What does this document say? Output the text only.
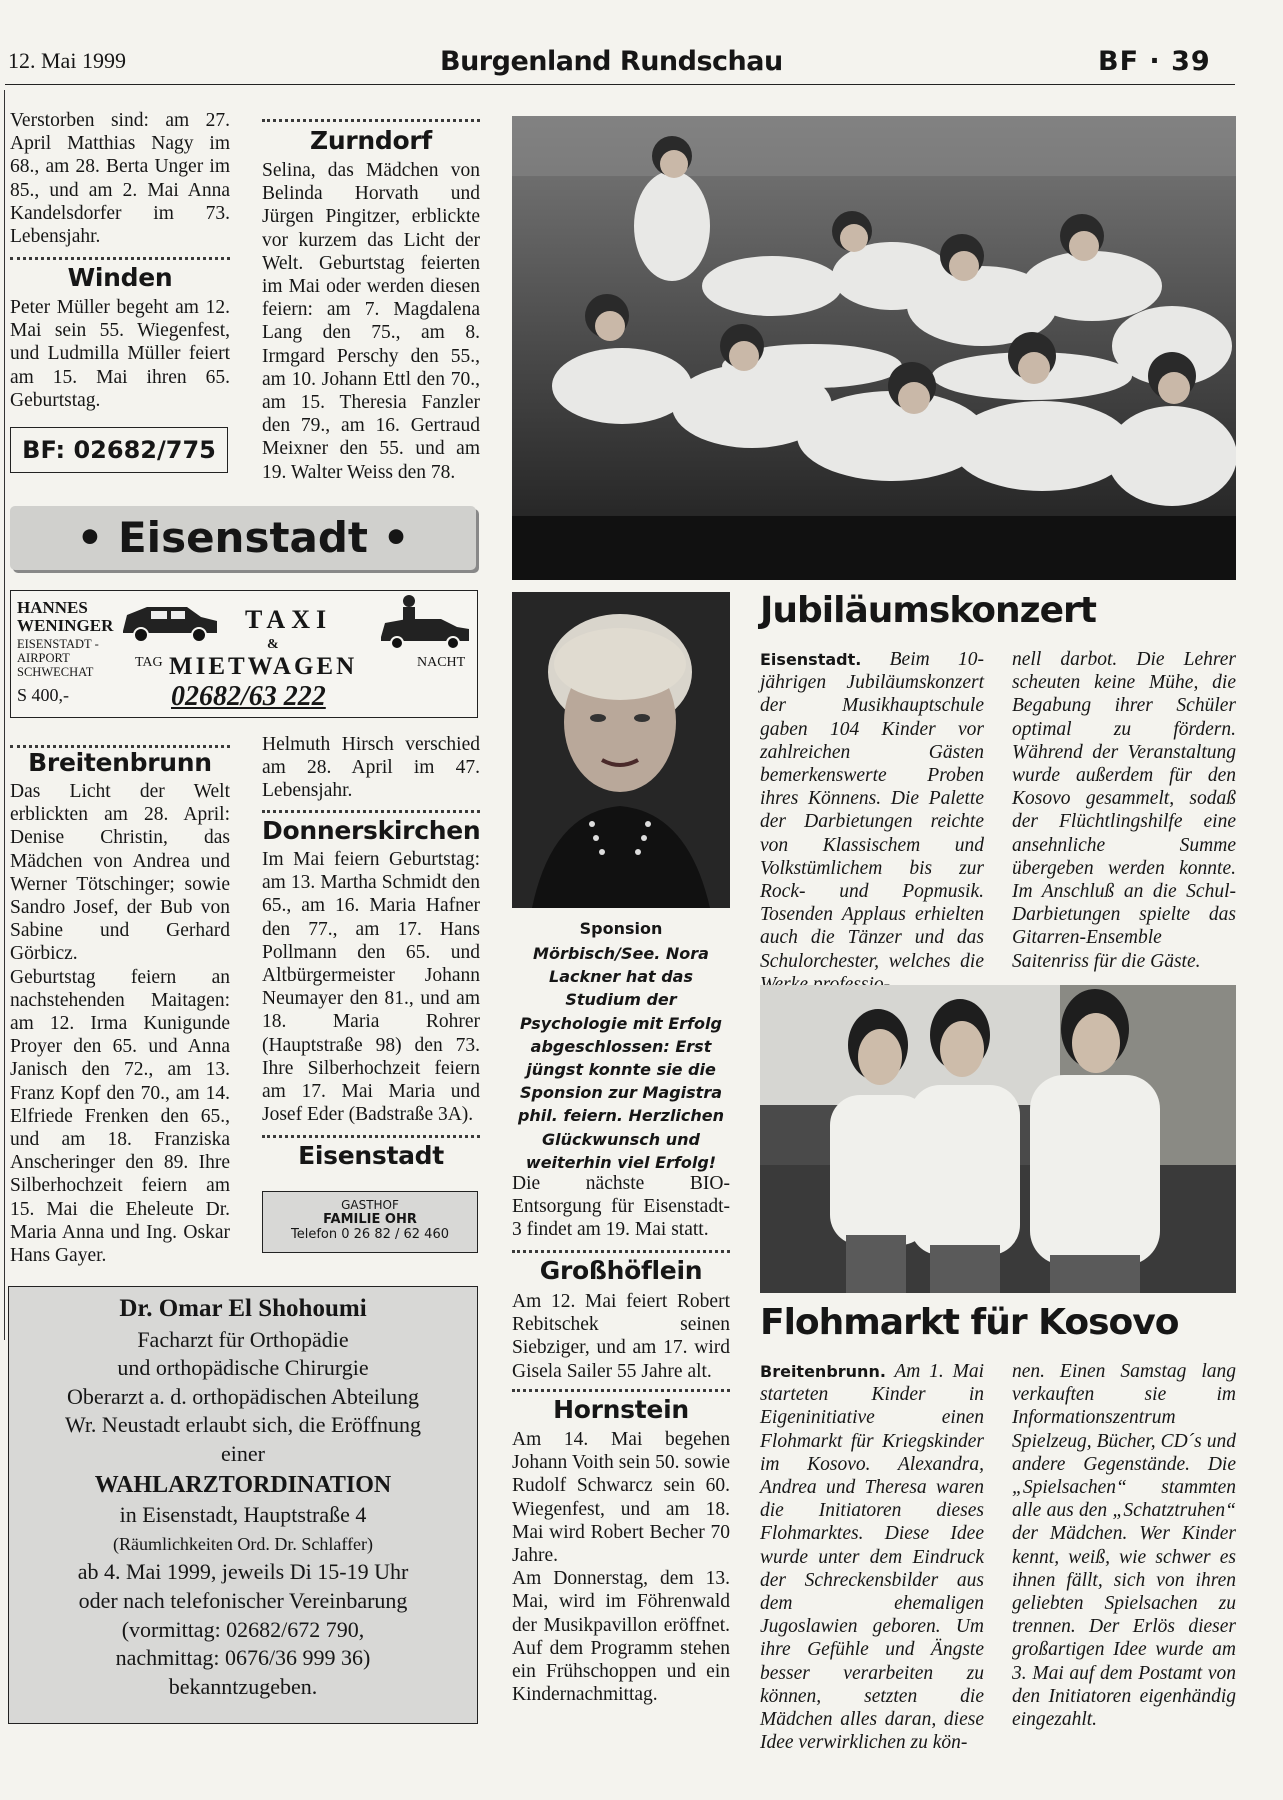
12. Mai 1999	Burgenland Rundschau	BF · 39
Verstorben sind: am 27. April Matthias Nagy im 68., am 28. Berta Unger im 85., und am 2. Mai Anna Kandelsdorfer im 73. Lebensjahr.
Winden
Peter Müller begeht am 12. Mai sein 55. Wiegenfest, und Ludmilla Müller feiert am 15. Mai ihren 65. Geburtstag.
BF: 02682/775
Zurndorf
Selina, das Mädchen von Belinda Horvath und Jürgen Pingitzer, erblickte vor kurzem das Licht der Welt. Geburtstag feierten im Mai oder werden diesen feiern: am 7. Magdalena Lang den 75., am 8. Irmgard Perschy den 55., am 10. Johann Ettl den 70., am 15. Theresia Fanzler den 79., am 16. Gertraud Meixner den 55. und am 19. Walter Weiss den 78.
• Eisenstadt •
HANNES
WENINGER
EISENSTADT -
AIRPORT
SCHWECHAT
S 400,-
TAXI
&
TAG MIETWAGEN	NACHT
02682/63 222
Breitenbrunn

Das Licht der Welt erblickten am 28. April: Denise Christin, das Mädchen von Andrea und Werner Tötschinger; sowie Sandro Josef, der Bub von Sabine und Gerhard Görbicz.

Geburtstag feiern an nachstehenden Maitagen: am 12. Irma Kunigunde Proyer den 65. und Anna Janisch den 72., am 13. Franz Kopf den 70., am 14. Elfriede Frenken den 65., und am 18. Franziska Anscheringer den 89. Ihre Silberhochzeit feiern am 15. Mai die Eheleute Dr. Maria Anna und Ing. Oskar Hans Gayer.

Helmuth Hirsch verschied am 28. April im 47. Lebensjahr.
Donnerskirchen
Im Mai feiern Geburtstag: am 13. Martha Schmidt den 65., am 16. Maria Hafner den 77., am 17. Hans Pollmann den 65. und Altbürgermeister Johann Neumayer den 81., und am 18. Maria Rohrer (Hauptstraße 98) den 73. Ihre Silberhochzeit feiern am 17. Mai Maria und Josef Eder (Badstraße 3A).
Eisenstadt
GASTHOF
FAMILIE OHR
Telefon 0 26 82 / 62 460
Dr. Omar El Shohoumi
Facharzt für Orthopädie
und orthopädische Chirurgie
Oberarzt a. d. orthopädischen Abteilung
Wr. Neustadt erlaubt sich, die Eröffnung
einer
WAHLARZTORDINATION
in Eisenstadt, Hauptstraße 4
(Räumlichkeiten Ord. Dr. Schlaffer)
ab 4. Mai 1999, jeweils Di 15-19 Uhr
oder nach telefonischer Vereinbarung
(vormittag: 02682/672 790,
nachmittag: 0676/36 999 36)
bekanntzugeben.
Sponsion
Mörbisch/See. Nora Lackner hat das Studium der Psychologie mit Erfolg abgeschlossen: Erst jüngst konnte sie die Sponsion zur Magistra phil. feiern. Herzlichen Glückwunsch und weiterhin viel Erfolg!
Die nächste BIO-Entsorgung für Eisenstadt-3 findet am 19. Mai statt.
Großhöflein
Am 12. Mai feiert Robert Rebitschek seinen Siebziger, und am 17. wird Gisela Sailer 55 Jahre alt.
Hornstein

Am 14. Mai begehen Johann Voith sein 50. sowie Rudolf Schwarcz sein 60. Wiegenfest, und am 18. Mai wird Robert Becher 70 Jahre.

Am Donnerstag, dem 13. Mai, wird im Föhrenwald der Musikpavillon eröffnet. Auf dem Programm stehen ein Frühschoppen und ein Kindernachmittag.

Jubiläumskonzert
Eisenstadt. Beim 10-jährigen Jubiläumskonzert der Musikhauptschule gaben 104 Kinder vor zahlreichen Gästen bemerkenswerte Proben ihres Könnens. Die Palette der Darbietungen reichte von Klassischem und Volkstümlichem bis zur Rock- und Popmusik. Tosenden Applaus erhielten auch die Tänzer und das Schulorchester, welches die
nell darbot. Die Lehrer scheuten keine Mühe, die Begabung ihrer Schüler optimal zu fördern. Während der Veranstaltung wurde außerdem für den Kosovo gesammelt, sodaß der Flüchtlingshilfe eine ansehnliche Summe übergeben werden konnte. Im Anschluß an die Schul-Darbietungen spielte das Gitarren-Ensemble Saitenriss für die Gäste.
Flohmarkt für Kosovo
Breitenbrunn. Am 1. Mai starteten Kinder in Eigeninitiative einen Flohmarkt für Kriegskinder im Kosovo. Alexandra, Andrea und Theresa waren die Initiatoren dieses Flohmarktes. Diese Idee wurde unter dem Eindruck der Schreckensbilder aus dem ehemaligen Jugoslawien geboren. Um ihre Gefühle und Ängste besser verarbeiten zu können, setzten die Mädchen alles daran, diese Idee verwirklichen zu kön-
nen. Einen Samstag lang verkauften sie im Informationszentrum Spielzeug, Bücher, CD´s und andere Gegenstände. Die „Spielsachen“ stammten alle aus den „Schatztruhen“ der Mädchen. Wer Kinder kennt, weiß, wie schwer es ihnen fällt, sich von ihren geliebten Spielsachen zu trennen. Der Erlös dieser großartigen Idee wurde am 3. Mai auf dem Postamt von den Initiatoren eigenhändig eingezahlt.
